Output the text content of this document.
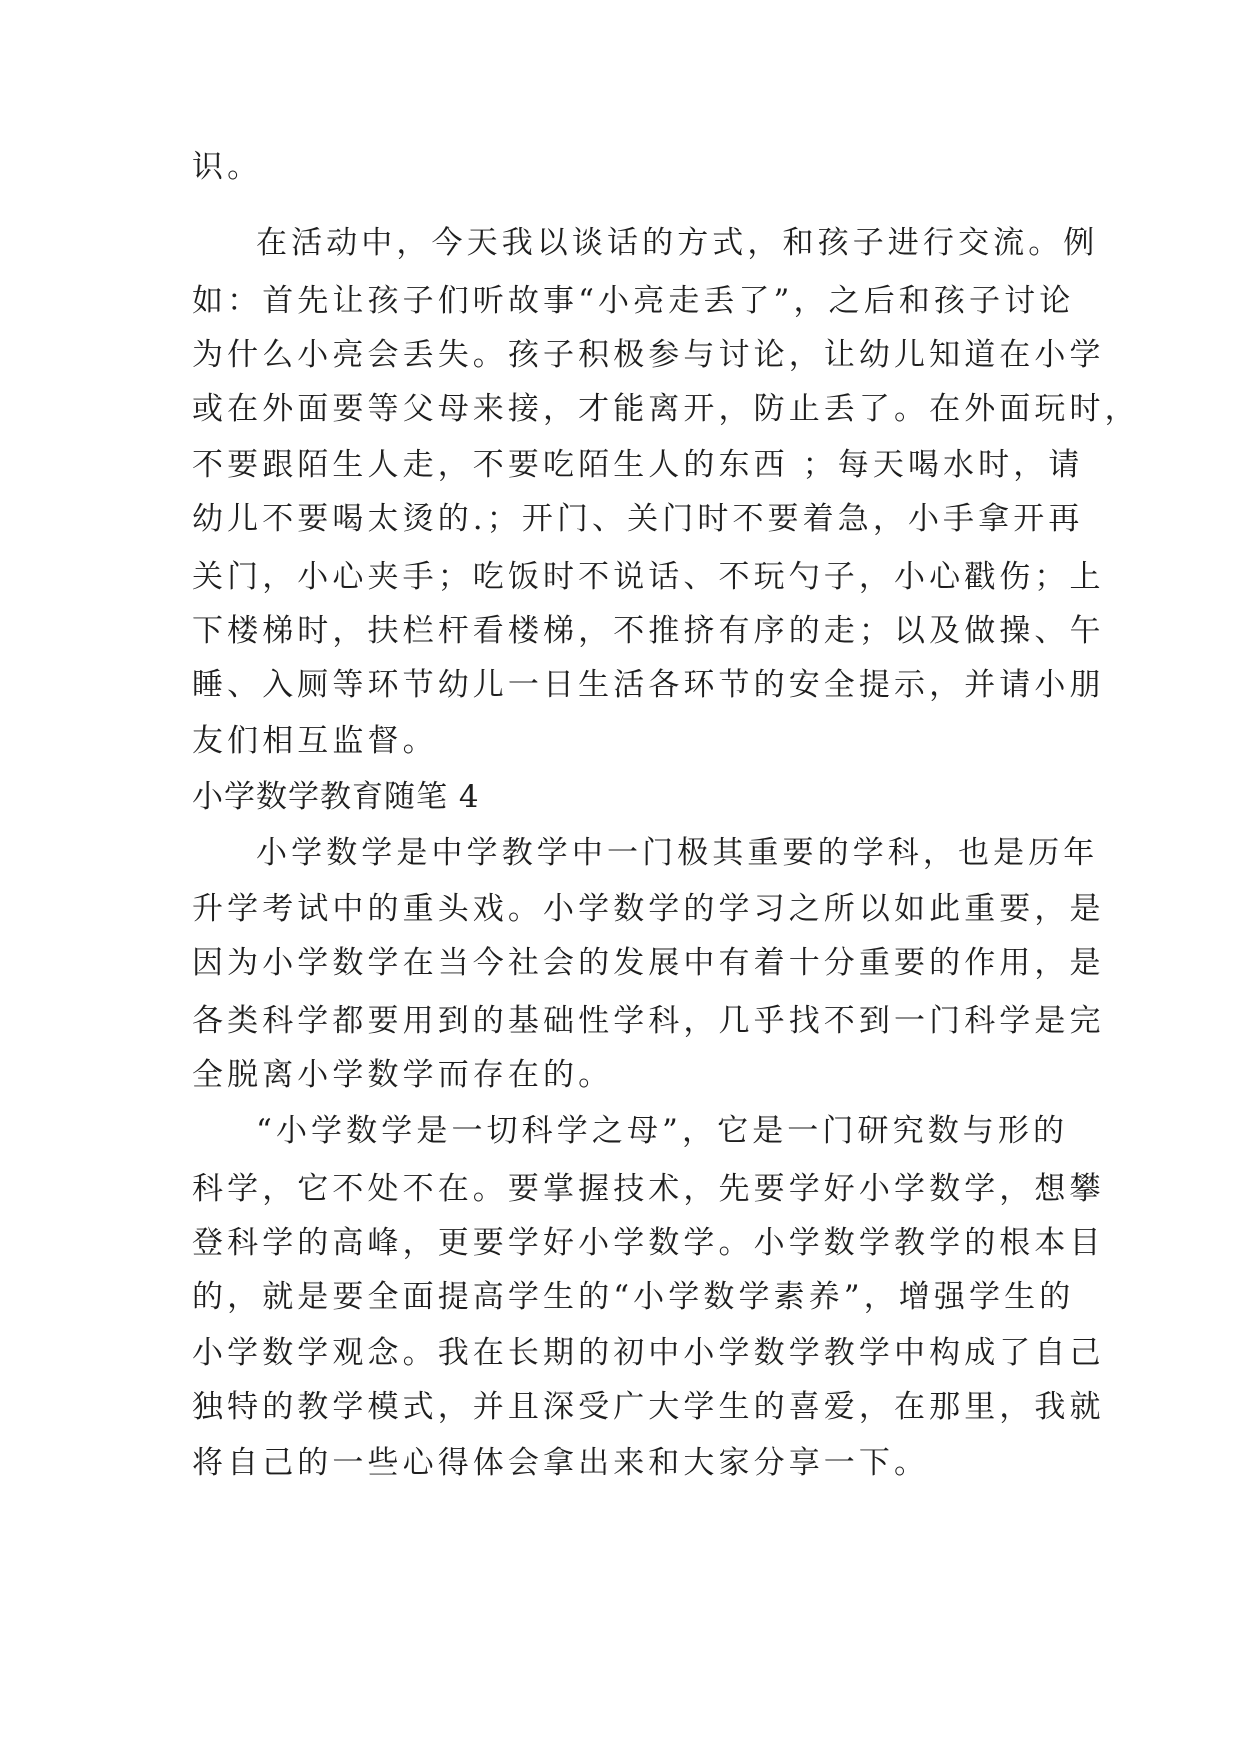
识。
在活动中，今天我以谈话的方式，和孩子进行交流。例
如：首先让孩子们听故事“小亮走丢了”，之后和孩子讨论
为什么小亮会丢失。孩子积极参与讨论，让幼儿知道在小学
或在外面要等父母来接，才能离开，防止丢了。在外面玩时，
不要跟陌生人走，不要吃陌生人的东西 ；每天喝水时，请
幼儿不要喝太烫的.；开门、关门时不要着急，小手拿开再
关门，小心夹手；吃饭时不说话、不玩勺子，小心戳伤；上
下楼梯时，扶栏杆看楼梯，不推挤有序的走；以及做操、午
睡、入厕等环节幼儿一日生活各环节的安全提示，并请小朋
友们相互监督。
小学数学教育随笔 4
小学数学是中学教学中一门极其重要的学科，也是历年
升学考试中的重头戏。小学数学的学习之所以如此重要，是
因为小学数学在当今社会的发展中有着十分重要的作用，是
各类科学都要用到的基础性学科，几乎找不到一门科学是完
全脱离小学数学而存在的。
“小学数学是一切科学之母”，它是一门研究数与形的
科学，它不处不在。要掌握技术，先要学好小学数学，想攀
登科学的高峰，更要学好小学数学。小学数学教学的根本目
的，就是要全面提高学生的“小学数学素养”，增强学生的
小学数学观念。我在长期的初中小学数学教学中构成了自己
独特的教学模式，并且深受广大学生的喜爱，在那里，我就
将自己的一些心得体会拿出来和大家分享一下。
